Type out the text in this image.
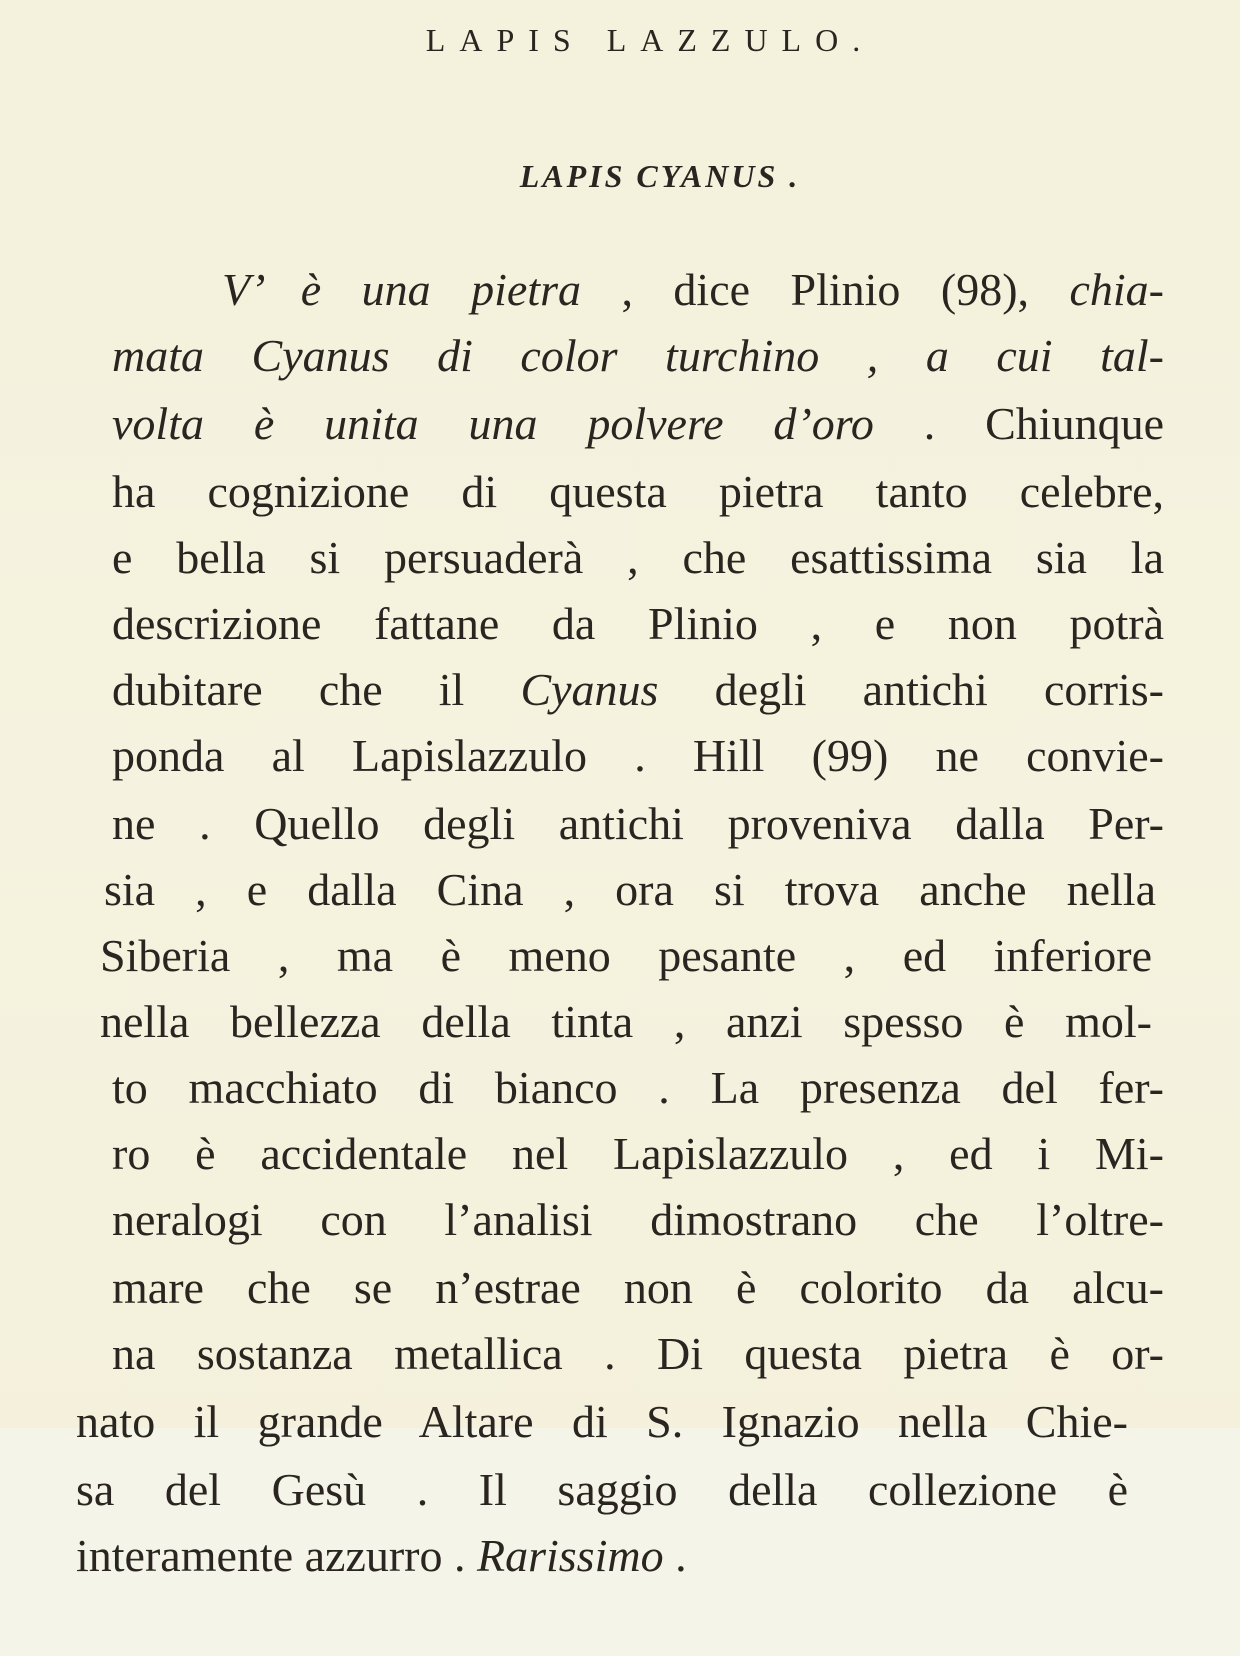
LAPIS LAZZULO.
LAPIS CYANUS .
V’ è una pietra , dice Plinio (98), chia-
mata Cyanus di color turchino , a cui tal-
volta è unita una polvere d’oro . Chiunque
ha cognizione di questa pietra tanto celebre,
e bella si persuaderà , che esattissima sia la
descrizione fattane da Plinio , e non potrà
dubitare che il Cyanus degli antichi corris-
ponda al Lapislazzulo . Hill (99) ne convie-
ne . Quello degli antichi proveniva dalla Per-
sia , e dalla Cina , ora si trova anche nella
Siberia , ma è meno pesante , ed inferiore
nella bellezza della tinta , anzi spesso è mol-
to macchiato di bianco . La presenza del fer-
ro è accidentale nel Lapislazzulo , ed i Mi-
neralogi con l’analisi dimostrano che l’oltre-
mare che se n’estrae non è colorito da alcu-
na sostanza metallica . Di questa pietra è or-
nato il grande Altare di S. Ignazio nella Chie-
sa del Gesù . Il saggio della collezione è
interamente azzurro . Rarissimo .
